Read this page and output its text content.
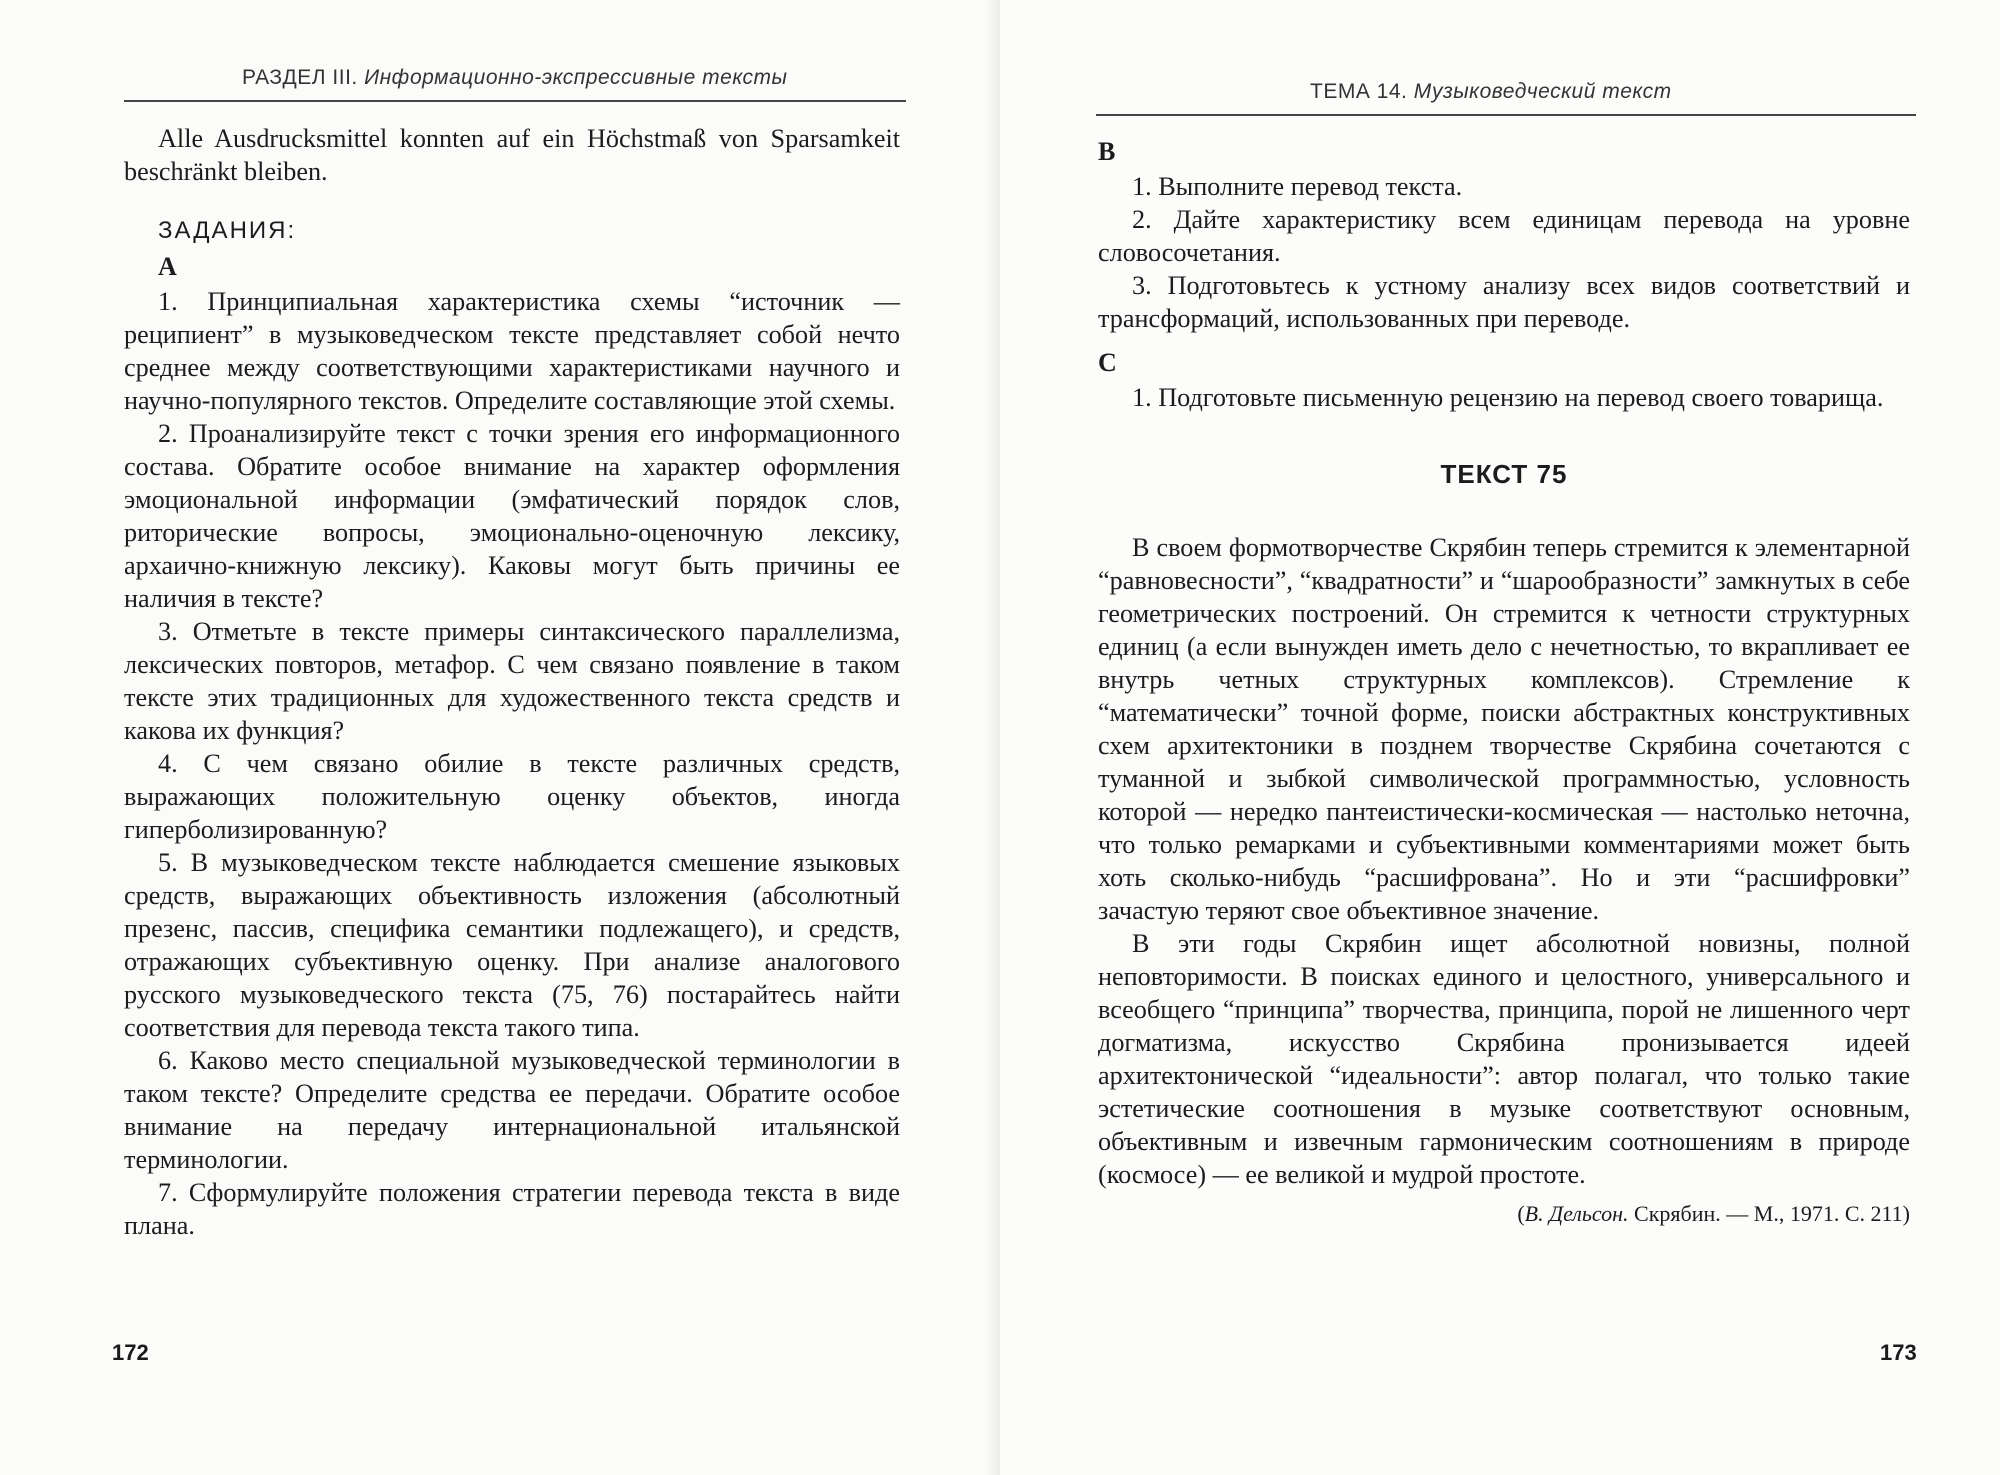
РАЗДЕЛ III. Информационно-экспрессивные тексты

Alle Ausdrucksmittel konnten auf ein Höchstmaß von Sparsamkeit beschränkt bleiben.

ЗАДАНИЯ:
А

1. Принципиальная характеристика схемы “источник — реципиент” в музыковедческом тексте представляет собой нечто среднее между соответствующими характеристиками научного и научно-популярного текстов. Определите составляющие этой схемы.

2. Проанализируйте текст с точки зрения его информационного состава. Обратите особое внимание на характер оформления эмоциональной информации (эмфатический порядок слов, риторические вопросы, эмоционально-оценочную лексику, архаично-книжную лексику). Каковы могут быть причины ее наличия в тексте?

3. Отметьте в тексте примеры синтаксического параллелизма, лексических повторов, метафор. С чем связано появление в таком тексте этих традиционных для художественного текста средств и какова их функция?

4. С чем связано обилие в тексте различных средств, выражающих положительную оценку объектов, иногда гиперболизированную?

5. В музыковедческом тексте наблюдается смешение языковых средств, выражающих объективность изложения (абсолютный презенс, пассив, специфика семантики подлежащего), и средств, отражающих субъективную оценку. При анализе аналогового русского музыковедческого текста (75, 76) постарайтесь найти соответствия для перевода текста такого типа.

6. Каково место специальной музыковедческой терминологии в таком тексте? Определите средства ее передачи. Обратите особое внимание на передачу интернациональной итальянской терминологии.

7. Сформулируйте положения стратегии перевода текста в виде плана.

172
ТЕМА 14. Музыковедческий текст
В

1. Выполните перевод текста.

2. Дайте характеристику всем единицам перевода на уровне словосочетания.

3. Подготовьтесь к устному анализу всех видов соответствий и трансформаций, использованных при переводе.

С

1. Подготовьте письменную рецензию на перевод своего товарища.

ТЕКСТ 75

В своем формотворчестве Скрябин теперь стремится к элементарной “равновесности”, “квадратности” и “шарообразности” замкнутых в себе геометрических построений. Он стремится к четности структурных единиц (а если вынужден иметь дело с нечетностью, то вкрапливает ее внутрь четных структурных комплексов). Стремление к “математически” точной форме, поиски абстрактных конструктивных схем архитектоники в позднем творчестве Скрябина сочетаются с туманной и зыбкой символической программностью, условность которой — нередко пантеистически-космическая — настолько неточна, что только ремарками и субъективными комментариями может быть хоть сколько-нибудь “расшифрована”. Но и эти “расшифровки” зачастую теряют свое объективное значение.

В эти годы Скрябин ищет абсолютной новизны, полной неповторимости. В поисках единого и целостного, универсального и всеобщего “принципа” творчества, принципа, порой не лишенного черт догматизма, искусство Скрябина пронизывается идеей архитектонической “идеальности”: автор полагал, что только такие эстетические соотношения в музыке соответствуют основным, объективным и извечным гармоническим соотношениям в природе (космосе) — ее великой и мудрой простоте.

(В. Дельсон. Скрябин. — М., 1971. С. 211)
173
